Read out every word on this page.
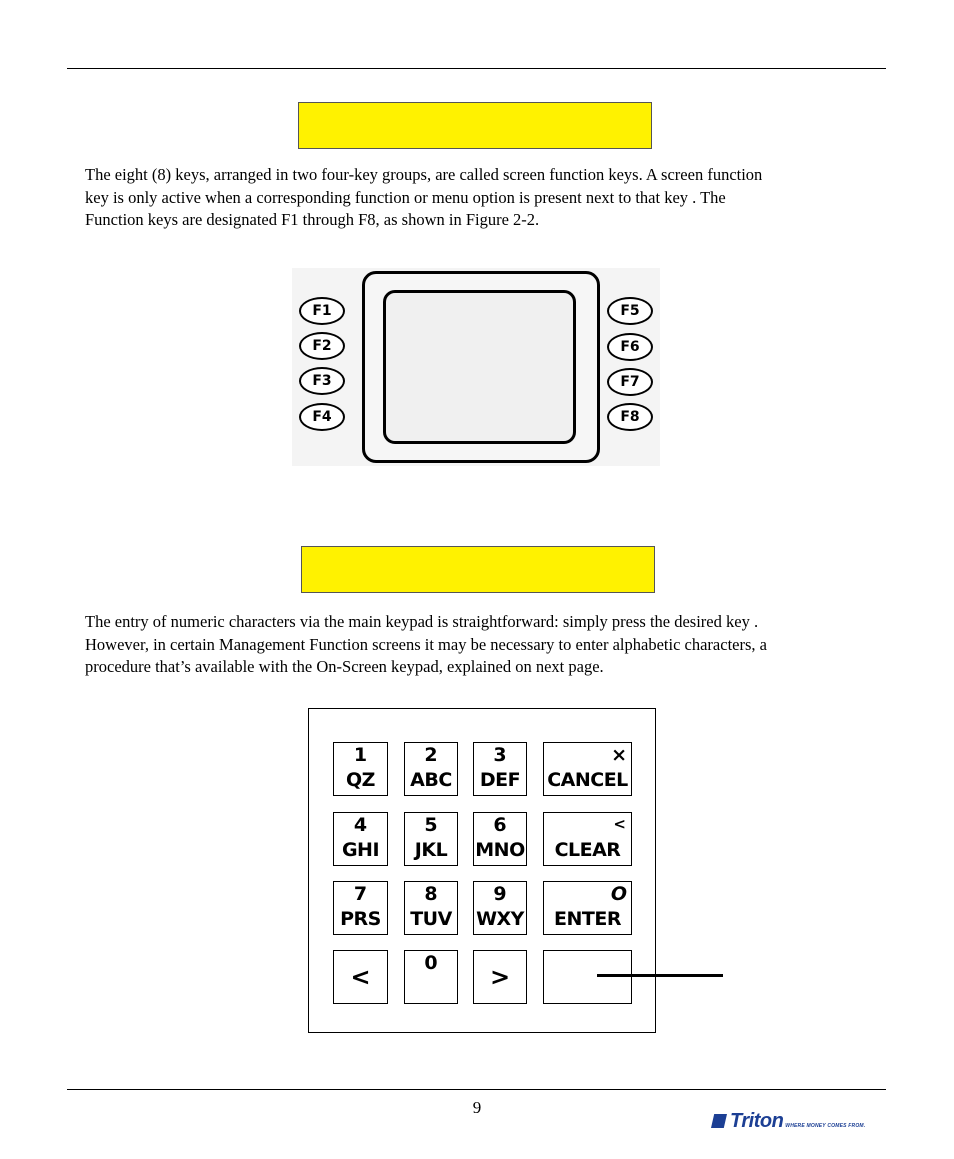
The eight (8) keys, arranged in two four-key groups, are called screen function keys. A screen function
key is only active when a corresponding function or menu option is present next to that key . The
Function keys are designated F1 through F8, as shown in Figure 2-2.
F1
F2
F3
F4
F5
F6
F7
F8
The entry of numeric characters via the main keypad is straightforward: simply press the desired key .
However, in certain Management Function screens it may be necessary to enter alphabetic characters, a
procedure that’s available with the On-Screen keypad, explained on next page.
1
QZ
2
ABC
3
DEF
×
CANCEL
4
GHI
5
JKL
6
MNO
<
CLEAR
7
PRS
8
TUV
9
WXY
O
ENTER
<	0	>
9
Triton WHERE MONEY COMES FROM.
